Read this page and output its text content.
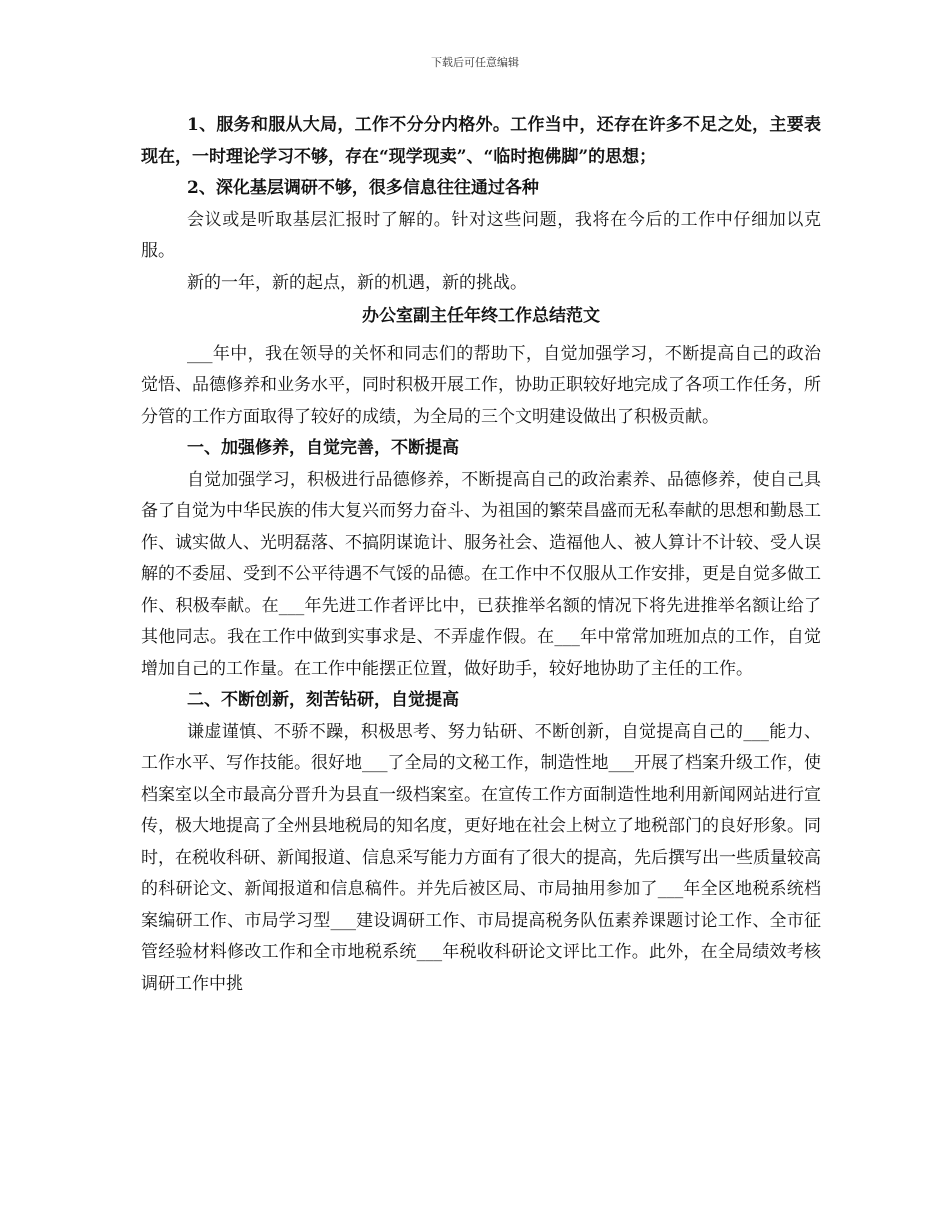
下载后可任意编辑

1、服务和服从大局，工作不分分内格外。工作当中，还存在许多不足之处，主要表现在，一时理论学习不够，存在“现学现卖”、“临时抱佛脚”的思想；

2、深化基层调研不够，很多信息往往通过各种

会议或是听取基层汇报时了解的。针对这些问题，我将在今后的工作中仔细加以克服。

新的一年，新的起点，新的机遇，新的挑战。

办公室副主任年终工作总结范文

___年中，我在领导的关怀和同志们的帮助下，自觉加强学习，不断提高自己的政治觉悟、品德修养和业务水平，同时积极开展工作，协助正职较好地完成了各项工作任务，所分管的工作方面取得了较好的成绩，为全局的三个文明建设做出了积极贡献。

一、加强修养，自觉完善，不断提高

自觉加强学习，积极进行品德修养，不断提高自己的政治素养、品德修养，使自己具备了自觉为中华民族的伟大复兴而努力奋斗、为祖国的繁荣昌盛而无私奉献的思想和勤恳工作、诚实做人、光明磊落、不搞阴谋诡计、服务社会、造福他人、被人算计不计较、受人误解的不委屈、受到不公平待遇不气馁的品德。在工作中不仅服从工作安排，更是自觉多做工作、积极奉献。在___年先进工作者评比中，已获推举名额的情况下将先进推举名额让给了其他同志。我在工作中做到实事求是、不弄虚作假。在___年中常常加班加点的工作，自觉增加自己的工作量。在工作中能摆正位置，做好助手，较好地协助了主任的工作。

二、不断创新，刻苦钻研，自觉提高

谦虚谨慎、不骄不躁，积极思考、努力钻研、不断创新，自觉提高自己的___能力、工作水平、写作技能。很好地___了全局的文秘工作，制造性地___开展了档案升级工作，使档案室以全市最高分晋升为县直一级档案室。在宣传工作方面制造性地利用新闻网站进行宣传，极大地提高了全州县地税局的知名度，更好地在社会上树立了地税部门的良好形象。同时，在税收科研、新闻报道、信息采写能力方面有了很大的提高，先后撰写出一些质量较高的科研论文、新闻报道和信息稿件。并先后被区局、市局抽用参加了___年全区地税系统档案编研工作、市局学习型___建设调研工作、市局提高税务队伍素养课题讨论工作、全市征管经验材料修改工作和全市地税系统___年税收科研论文评比工作。此外，在全局绩效考核调研工作中挑
